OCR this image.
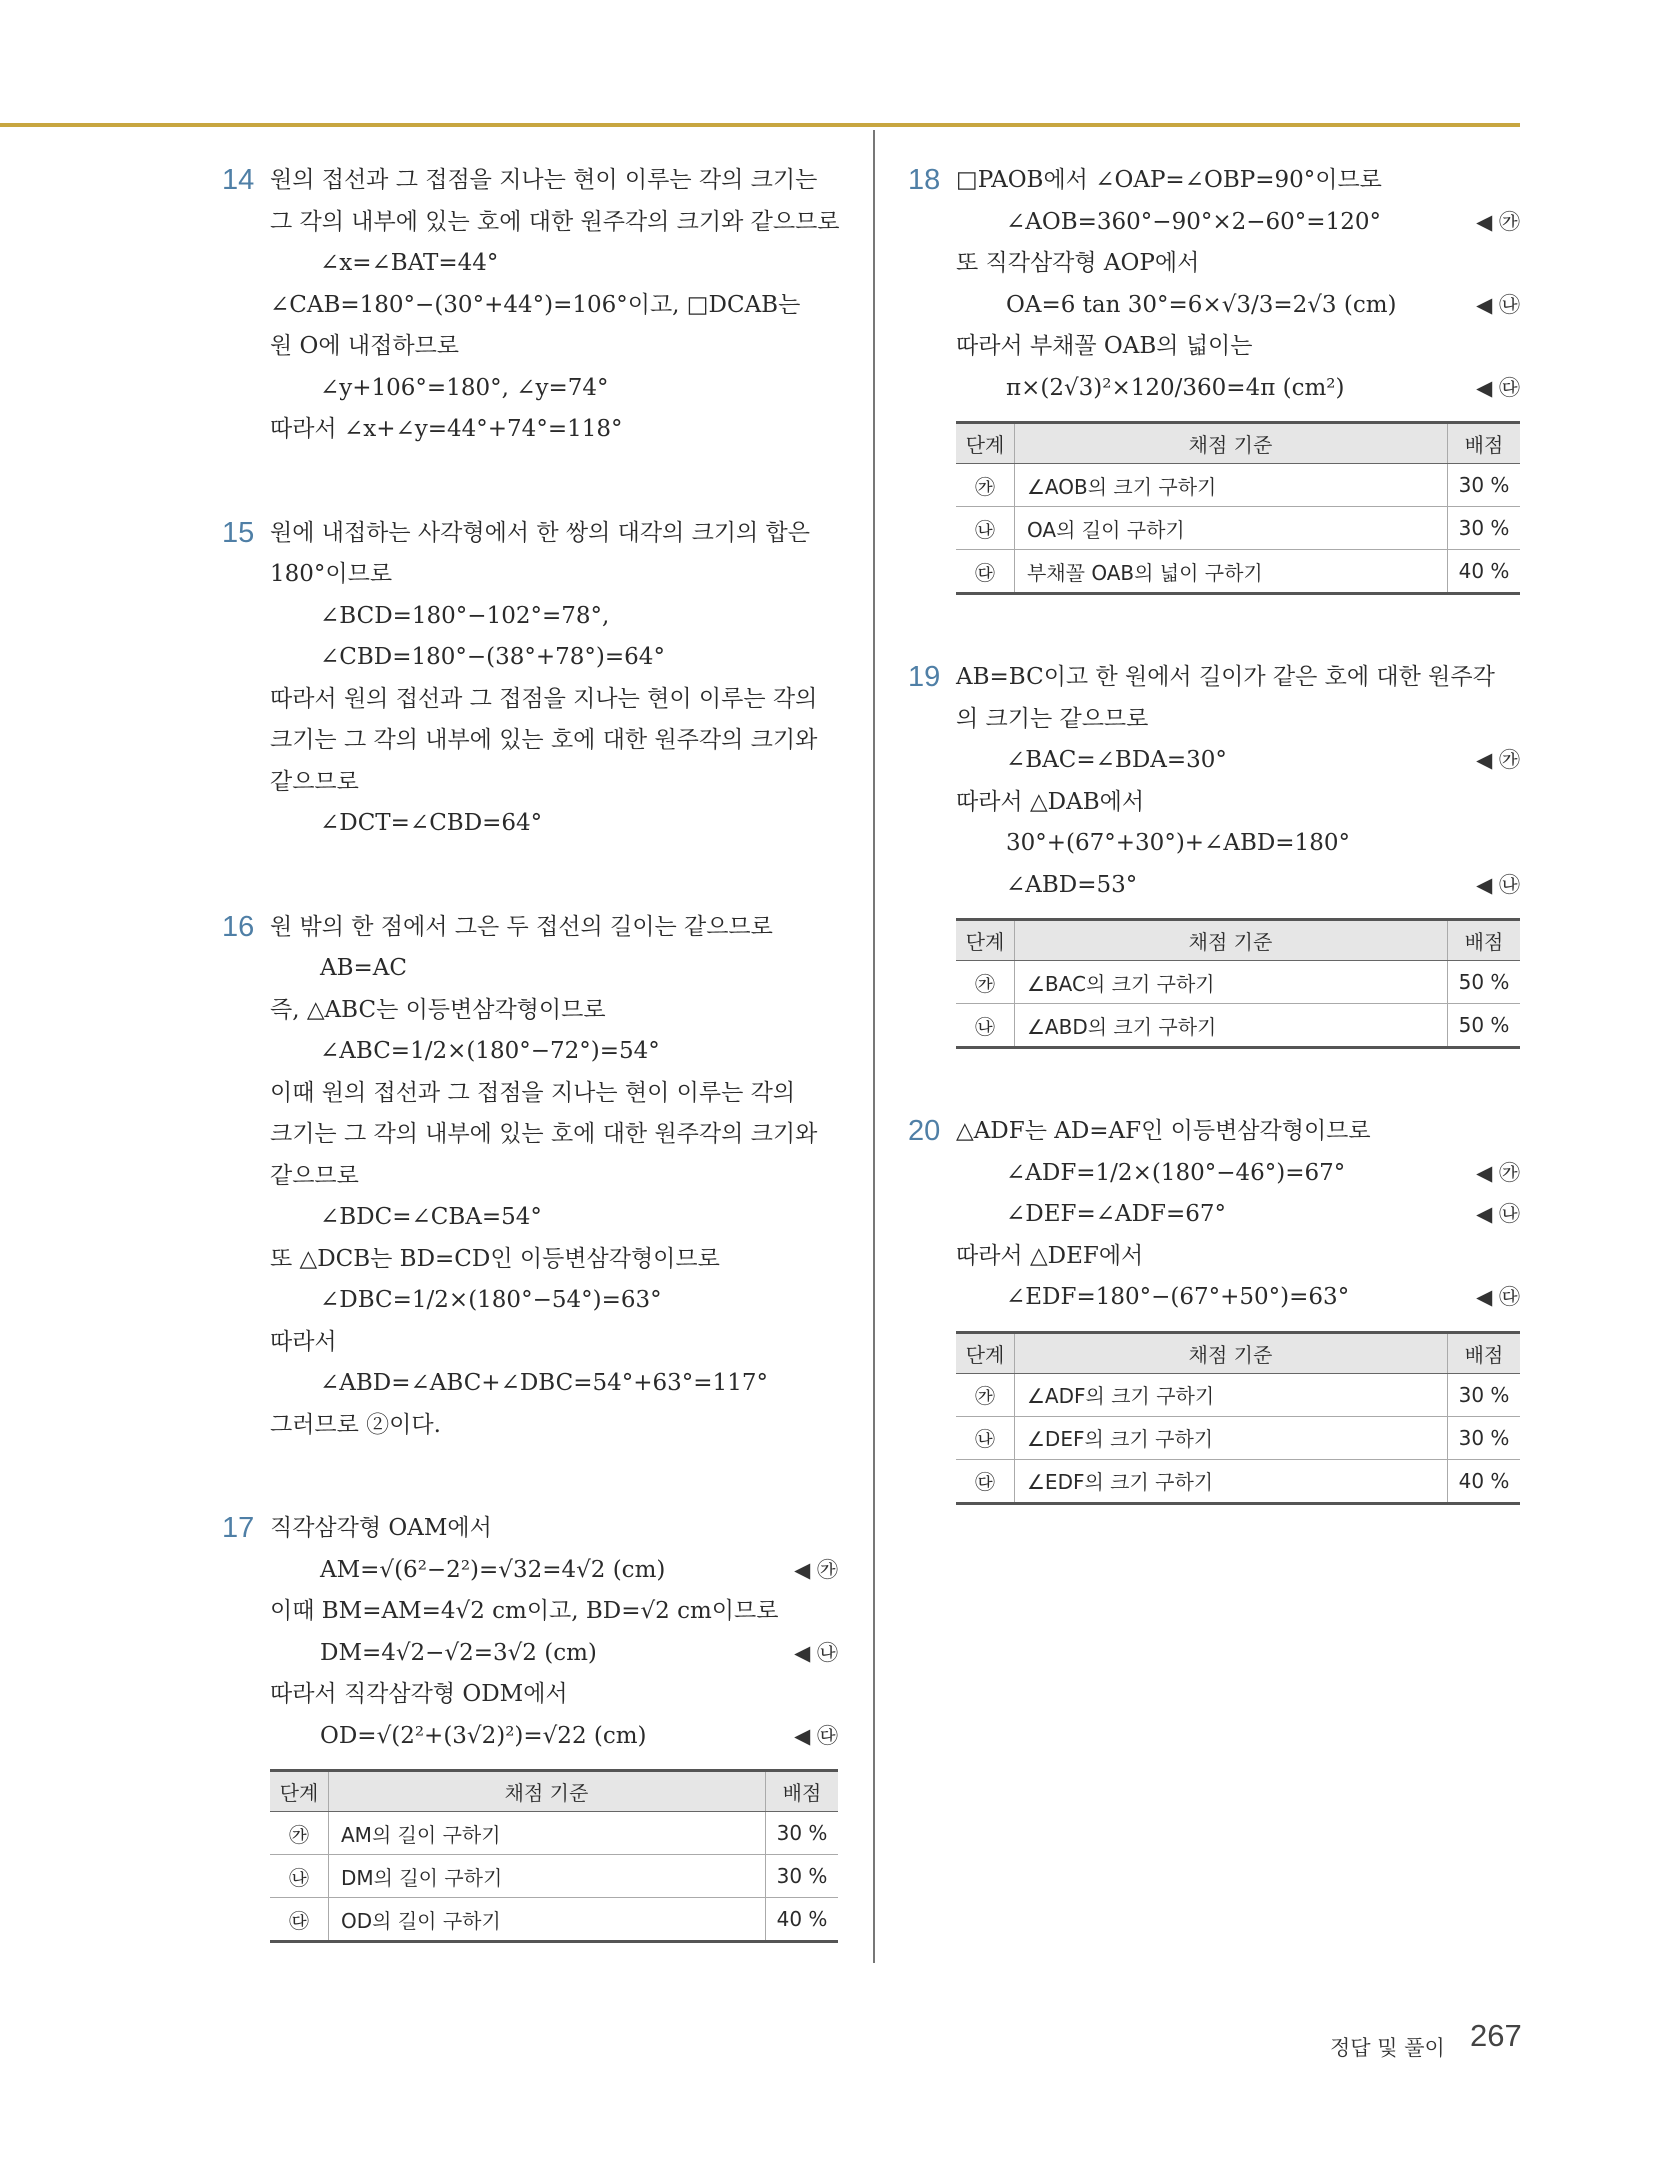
14 원의 접선과 그 접점을 지나는 현이 이루는 각의 크기는
그 각의 내부에 있는 호에 대한 원주각의 크기와 같으므로
∠x=∠BAT=44°
∠CAB=180°−(30°+44°)=106°이고, □DCAB는
원 O에 내접하므로
∠y+106°=180°, ∠y=74°
따라서 ∠x+∠y=44°+74°=118°
15 원에 내접하는 사각형에서 한 쌍의 대각의 크기의 합은
180°이므로
∠BCD=180°−102°=78°,
∠CBD=180°−(38°+78°)=64°
따라서 원의 접선과 그 접점을 지나는 현이 이루는 각의
크기는 그 각의 내부에 있는 호에 대한 원주각의 크기와
같으므로
∠DCT=∠CBD=64°
16 원 밖의 한 점에서 그은 두 접선의 길이는 같으므로
AB=AC
즉, △ABC는 이등변삼각형이므로
∠ABC=1/2×(180°−72°)=54°
이때 원의 접선과 그 접점을 지나는 현이 이루는 각의
크기는 그 각의 내부에 있는 호에 대한 원주각의 크기와
같으므로
∠BDC=∠CBA=54°
또 △DCB는 BD=CD인 이등변삼각형이므로
∠DBC=1/2×(180°−54°)=63°
따라서
∠ABD=∠ABC+∠DBC=54°+63°=117°
그러므로 ②이다.
17 직각삼각형 OAM에서
AM=√(6²−2²)=√32=4√2 (cm)	◀ ㉮
이때 BM=AM=4√2 cm이고, BD=√2 cm이므로
DM=4√2−√2=3√2 (cm)	◀ ㉯
따라서 직각삼각형 ODM에서
OD=√(2²+(3√2)²)=√22 (cm)	◀ ㉰
단계	채점 기준	배점
㉮	AM의 길이 구하기	30 %
㉯	DM의 길이 구하기	30 %
㉰	OD의 길이 구하기	40 %
18 □PAOB에서 ∠OAP=∠OBP=90°이므로
∠AOB=360°−90°×2−60°=120°	◀ ㉮
또 직각삼각형 AOP에서
OA=6 tan 30°=6×√3/3=2√3 (cm)	◀ ㉯
따라서 부채꼴 OAB의 넓이는
π×(2√3)²×120/360=4π (cm²)	◀ ㉰
단계	채점 기준	배점
㉮	∠AOB의 크기 구하기	30 %
㉯	OA의 길이 구하기	30 %
㉰	부채꼴 OAB의 넓이 구하기	40 %
19 AB=BC이고 한 원에서 길이가 같은 호에 대한 원주각
의 크기는 같으므로
∠BAC=∠BDA=30°	◀ ㉮
따라서 △DAB에서
30°+(67°+30°)+∠ABD=180°
∠ABD=53°	◀ ㉯
단계	채점 기준	배점
㉮	∠BAC의 크기 구하기	50 %
㉯	∠ABD의 크기 구하기	50 %
20 △ADF는 AD=AF인 이등변삼각형이므로
∠ADF=1/2×(180°−46°)=67°	◀ ㉮
∠DEF=∠ADF=67°	◀ ㉯
따라서 △DEF에서
∠EDF=180°−(67°+50°)=63°	◀ ㉰
단계	채점 기준	배점
㉮	∠ADF의 크기 구하기	30 %
㉯	∠DEF의 크기 구하기	30 %
㉰	∠EDF의 크기 구하기	40 %
정답 및 풀이 267
